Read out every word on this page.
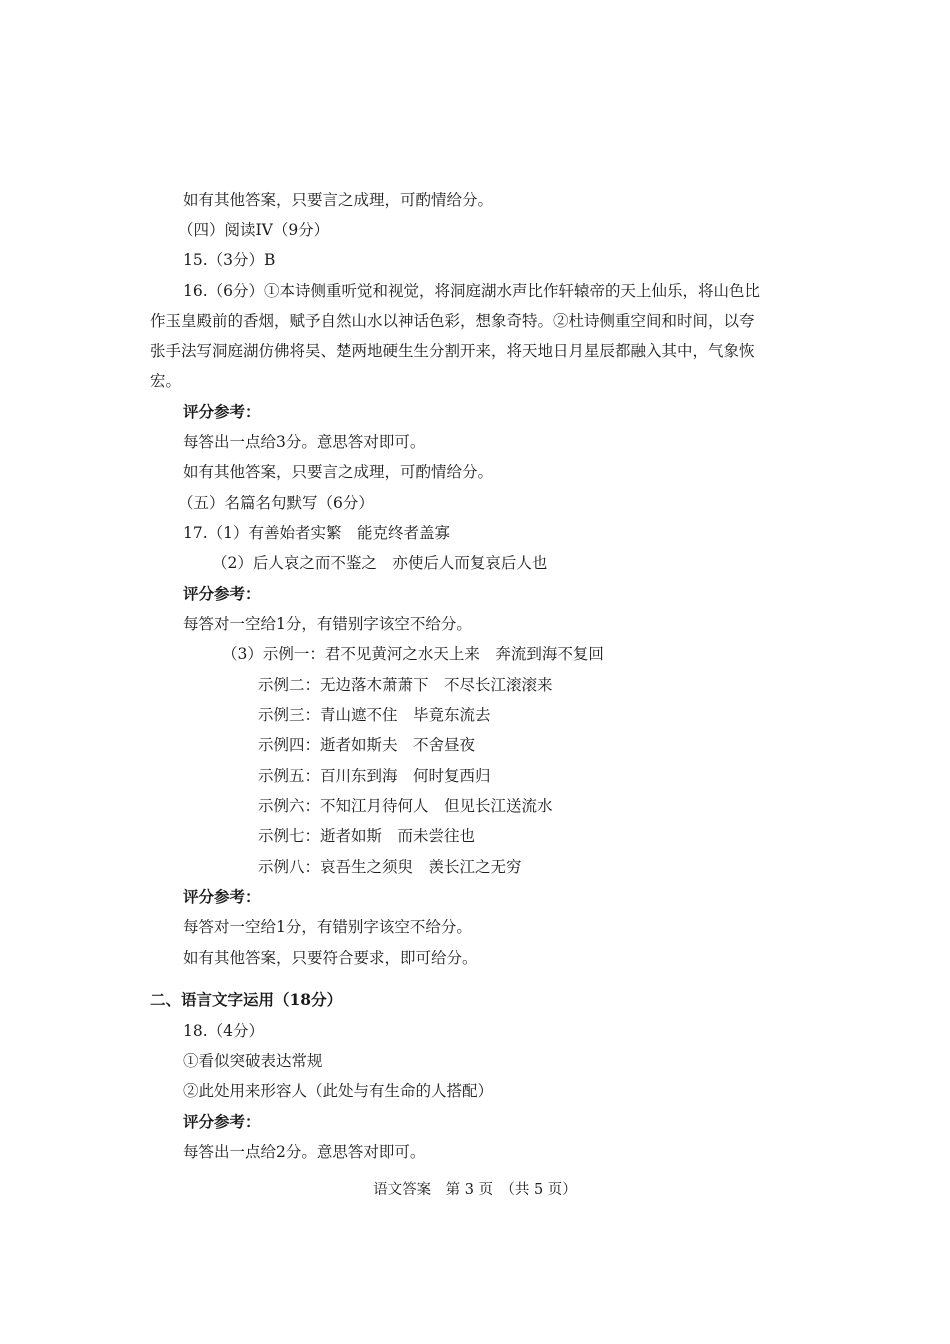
如有其他答案，只要言之成理，可酌情给分。
（四）阅读IV（9分）
15.（3分）B
16.（6分）①本诗侧重听觉和视觉，将洞庭湖水声比作轩辕帝的天上仙乐，将山色比
作玉皇殿前的香烟，赋予自然山水以神话色彩，想象奇特。②杜诗侧重空间和时间，以夸
张手法写洞庭湖仿佛将吴、楚两地硬生生分割开来，将天地日月星辰都融入其中，气象恢
宏。
评分参考：
每答出一点给3分。意思答对即可。
如有其他答案，只要言之成理，可酌情给分。
（五）名篇名句默写（6分）
17.（1）有善始者实繁　能克终者盖寡
（2）后人哀之而不鉴之　亦使后人而复哀后人也
评分参考：
每答对一空给1分，有错别字该空不给分。
（3）示例一：君不见黄河之水天上来　奔流到海不复回
示例二：无边落木萧萧下　不尽长江滚滚来
示例三：青山遮不住　毕竟东流去
示例四：逝者如斯夫　不舍昼夜
示例五：百川东到海　何时复西归
示例六：不知江月待何人　但见长江送流水
示例七：逝者如斯　而未尝往也
示例八：哀吾生之须臾　羡长江之无穷
评分参考：
每答对一空给1分，有错别字该空不给分。
如有其他答案，只要符合要求，即可给分。
二、语言文字运用（18分）
18.（4分）
①看似突破表达常规
②此处用来形容人（此处与有生命的人搭配）
评分参考：
每答出一点给2分。意思答对即可。
语文答案　第 3 页　（共 5 页）
